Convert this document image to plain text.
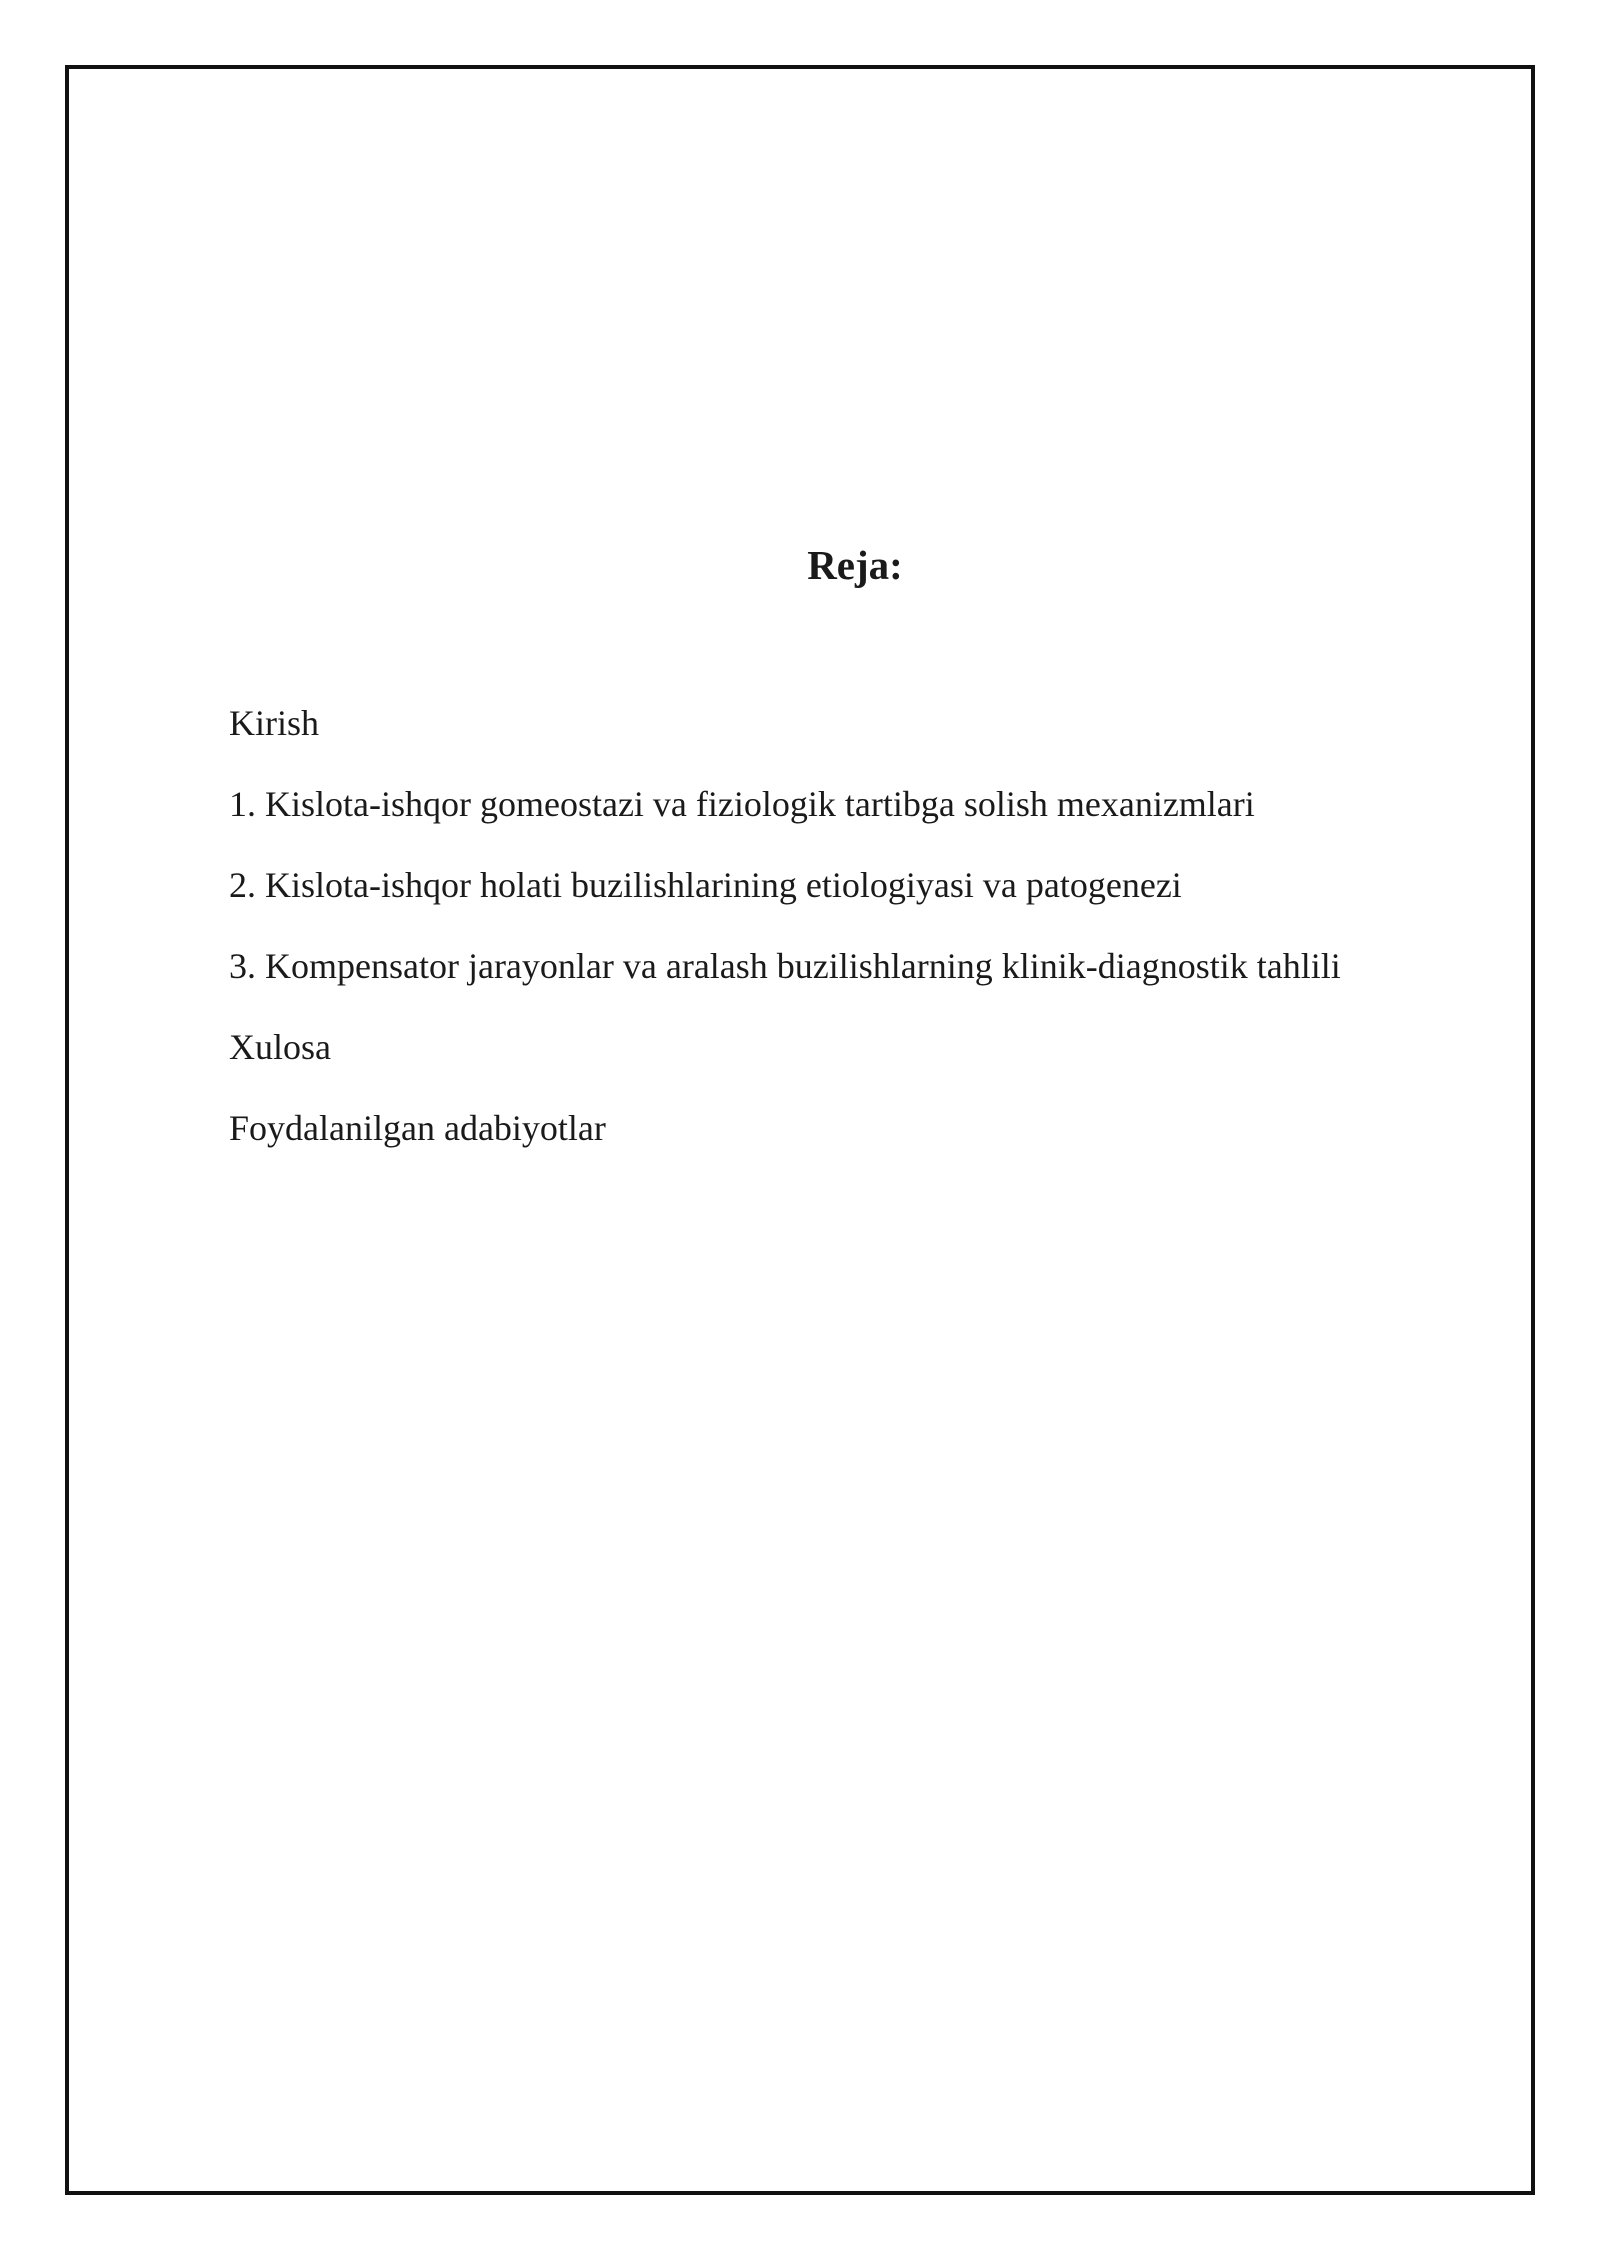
Reja:
Kirish
1. Kislota-ishqor gomeostazi va fiziologik tartibga solish mexanizmlari
2. Kislota-ishqor holati buzilishlarining etiologiyasi va patogenezi
3. Kompensator jarayonlar va aralash buzilishlarning klinik-diagnostik tahlili
Xulosa
Foydalanilgan adabiyotlar
